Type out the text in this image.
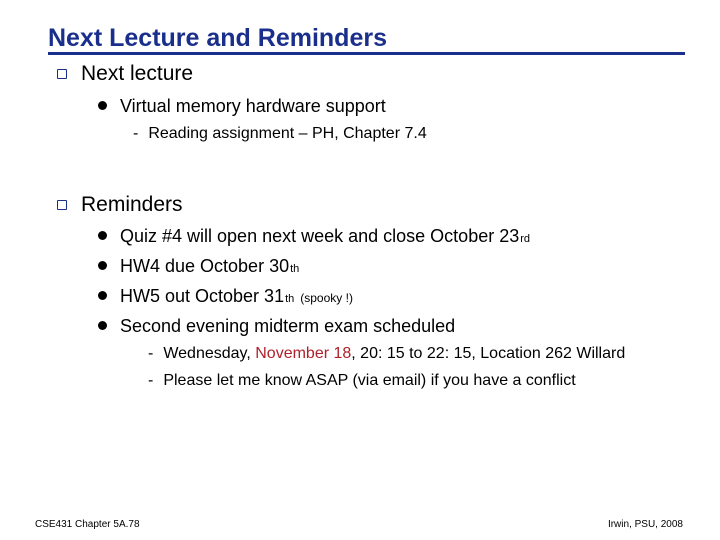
Next Lecture and Reminders
Next lecture
Virtual memory hardware support
- Reading assignment – PH, Chapter 7.4
Reminders
Quiz #4 will open next week and close October 23 rd
HW4 due October 30 th
HW5 out October 31 th (spooky !)
Second evening midterm exam scheduled
- Wednesday, November 18, 20: 15 to 22: 15, Location 262 Willard
- Please let me know ASAP (via email) if you have a conflict
CSE431 Chapter 5A.78	Irwin, PSU, 2008
